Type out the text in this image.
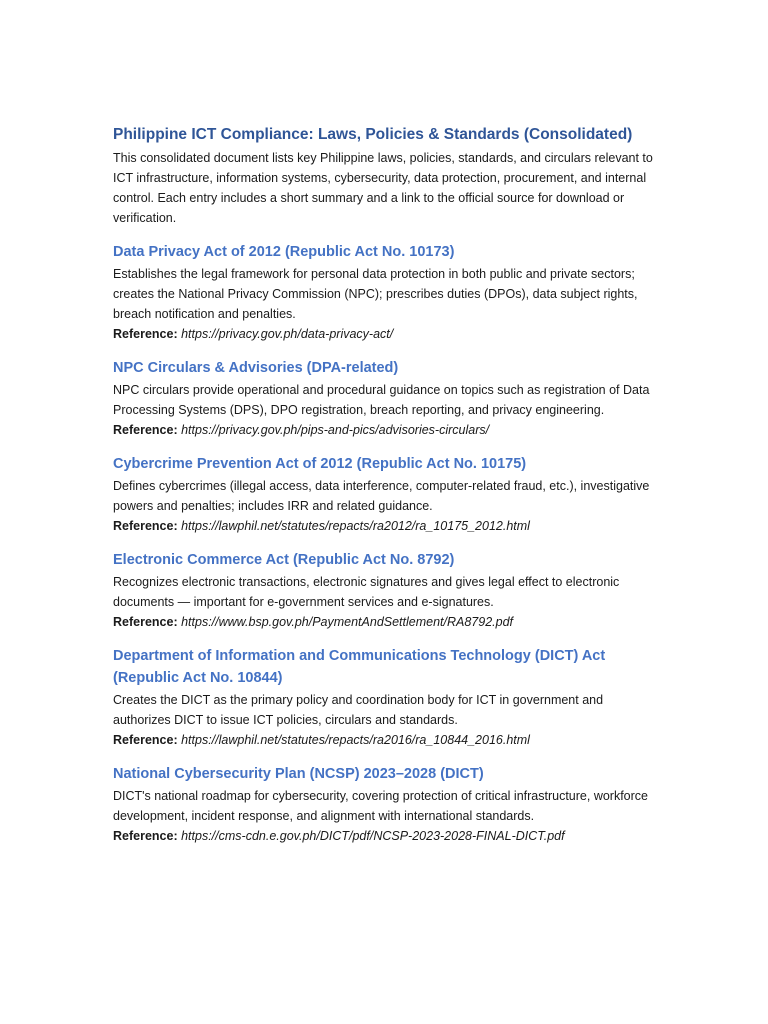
Philippine ICT Compliance: Laws, Policies & Standards (Consolidated)

This consolidated document lists key Philippine laws, policies, standards, and circulars relevant to ICT infrastructure, information systems, cybersecurity, data protection, procurement, and internal control. Each entry includes a short summary and a link to the official source for download or verification.

Data Privacy Act of 2012 (Republic Act No. 10173)

Establishes the legal framework for personal data protection in both public and private sectors; creates the National Privacy Commission (NPC); prescribes duties (DPOs), data subject rights, breach notification and penalties.

Reference: https://privacy.gov.ph/data-privacy-act/

NPC Circulars & Advisories (DPA-related)

NPC circulars provide operational and procedural guidance on topics such as registration of Data Processing Systems (DPS), DPO registration, breach reporting, and privacy engineering.

Reference: https://privacy.gov.ph/pips-and-pics/advisories-circulars/

Cybercrime Prevention Act of 2012 (Republic Act No. 10175)

Defines cybercrimes (illegal access, data interference, computer-related fraud, etc.), investigative powers and penalties; includes IRR and related guidance.

Reference: https://lawphil.net/statutes/repacts/ra2012/ra_10175_2012.html

Electronic Commerce Act (Republic Act No. 8792)

Recognizes electronic transactions, electronic signatures and gives legal effect to electronic documents — important for e-government services and e-signatures.

Reference: https://www.bsp.gov.ph/PaymentAndSettlement/RA8792.pdf

Department of Information and Communications Technology (DICT) Act (Republic Act No. 10844)

Creates the DICT as the primary policy and coordination body for ICT in government and authorizes DICT to issue ICT policies, circulars and standards.

Reference: https://lawphil.net/statutes/repacts/ra2016/ra_10844_2016.html

National Cybersecurity Plan (NCSP) 2023–2028 (DICT)

DICT's national roadmap for cybersecurity, covering protection of critical infrastructure, workforce development, incident response, and alignment with international standards.

Reference: https://cms-cdn.e.gov.ph/DICT/pdf/NCSP-2023-2028-FINAL-DICT.pdf
